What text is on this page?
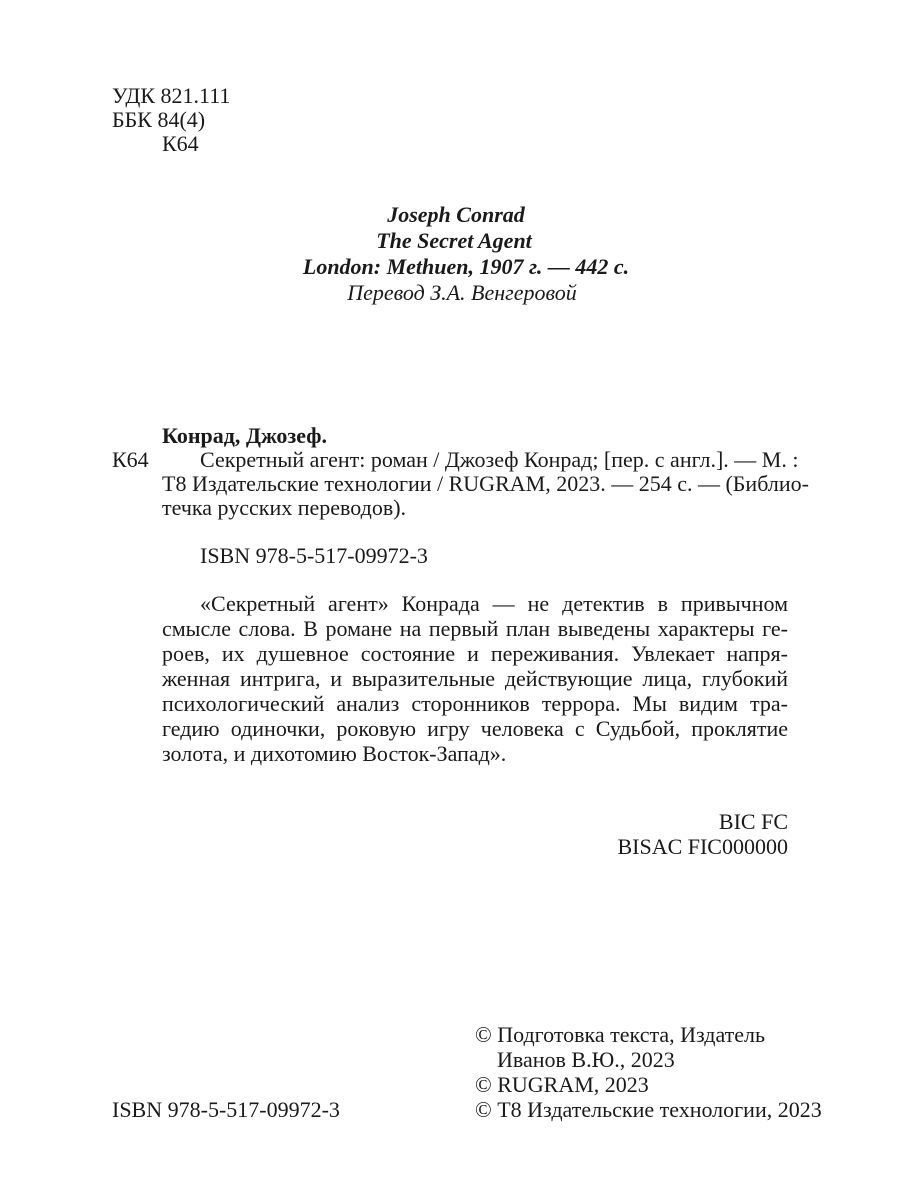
УДК 821.111
ББК 84(4)
К64
Joseph Conrad
The Secret Agent
London: Methuen, 1907 г. — 442 с.
Перевод З.А. Венгеровой
К64
Конрад, Джозеф.
Секретный агент: роман / Джозеф Конрад; [пер. с англ.]. — М. :
Т8 Издательские технологии / RUGRAM, 2023. — 254 с. — (Библио-
течка русских переводов).
ISBN 978-5-517-09972-3
«Секретный агент» Конрада — не детектив в привычном
смысле слова. В романе на первый план выведены характеры ге-
роев, их душевное состояние и переживания. Увлекает напря-
женная интрига, и выразительные действующие лица, глубокий
психологический анализ сторонников террора. Мы видим тра-
гедию одиночки, роковую игру человека с Судьбой, проклятие
золота, и дихотомию Восток-Запад».
BIC FC
BISAC FIC000000
© Подготовка текста, Издатель
Иванов В.Ю., 2023
© RUGRAM, 2023
© Т8 Издательские технологии, 2023
ISBN 978-5-517-09972-3
